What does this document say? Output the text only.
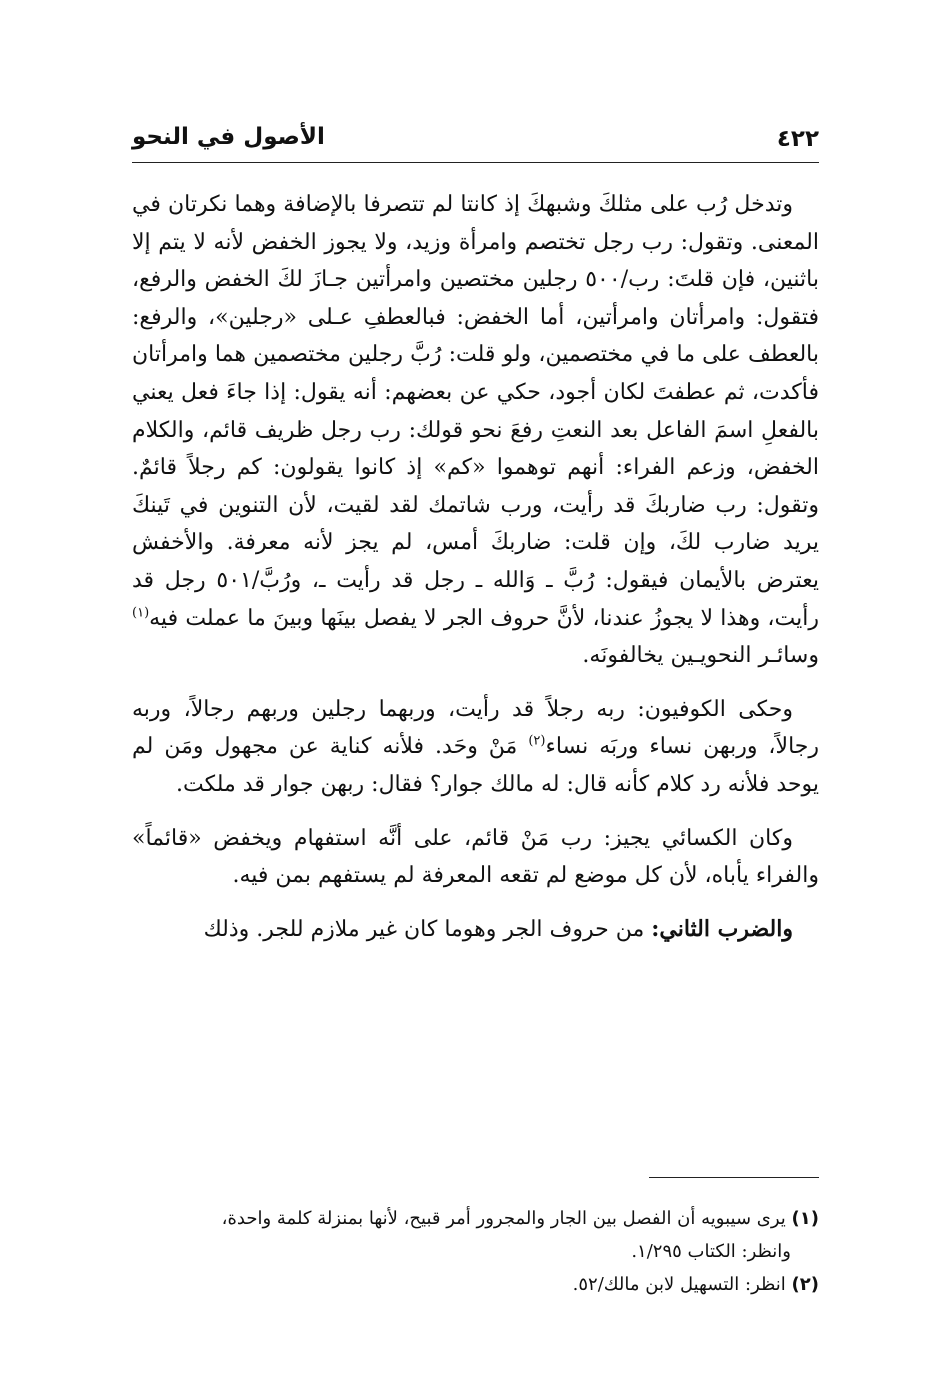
٤٢٢
الأصول في النحو

وتدخل رُب على مثلكَ وشبهكَ إذ كانتا لم تتصرفا بالإضافة وهما نكرتان في المعنى. وتقول: رب رجل تختصم وامرأة وزيد، ولا يجوز الخفض لأنه لا يتم إلا باثنين، فإن قلتَ: رب/٥٠٠ رجلين مختصين وامرأتين جـازَ لكَ الخفض والرفع، فتقول: وامرأتان وامرأتين، أما الخفض: فبالعطفِ عـلى «رجلين»، والرفع: بالعطف على ما في مختصمين، ولو قلت: رُبَّ رجلين مختصمين هما وامرأتان فأكدت، ثم عطفتَ لكان أجود، حكي عن بعضهم: أنه يقول: إذا جاءَ فعل يعني بالفعلِ اسمَ الفاعل بعد النعتِ رفعَ نحو قولك: رب رجل ظريف قائم، والكلام الخفض، وزعم الفراء: أنهم توهموا «كم» إذ كانوا يقولون: كم رجلاً قائمٌ. وتقول: رب ضاربكَ قد رأيت، ورب شاتمك لقد لقيت، لأن التنوين في تَينكَ يريد ضارب لكَ، وإن قلت: ضاربكَ أمس، لم يجز لأنه معرفة. والأخفش يعترض بالأيمان فيقول: رُبَّ ـ وَالله ـ رجل قد رأيت ـ، ورُبَّ/٥٠١ رجل قد رأيت، وهذا لا يجوزُ عندنا، لأنَّ حروف الجر لا يفصل بينَها وبينَ ما عملت فيه$^{(١)}$ وسائـر النحويـين يخالفونَه.

وحكى الكوفيون: ربه رجلاً قد رأيت، وربهما رجلين وربهم رجالاً، وربه رجالاً، وربهن نساء وربَه نساء$^{(٢)}$ مَنْ وحَد. فلأنه كناية عن مجهول ومَن لم يوحد فلأنه رد كلام كأنه قال: له مالك جوار؟ فقال: ربهن جوار قد ملكت.

وكان الكسائي يجيز: رب مَنْ قائم، على أنَّه استفهام ويخفض «قائماً» والفراء يأباه، لأن كل موضع لم تقعه المعرفة لم يستفهم بمن فيه.

والضرب الثاني: من حروف الجر وهوما كان غير ملازم للجر. وذلك

(١) يرى سيبويه أن الفصل بين الجار والمجرور أمر قبيح، لأنها بمنزلة كلمة واحدة،
وانظر: الكتاب ١/٢٩٥.

(٢) انظر: التسهيل لابن مالك/٥٢.
